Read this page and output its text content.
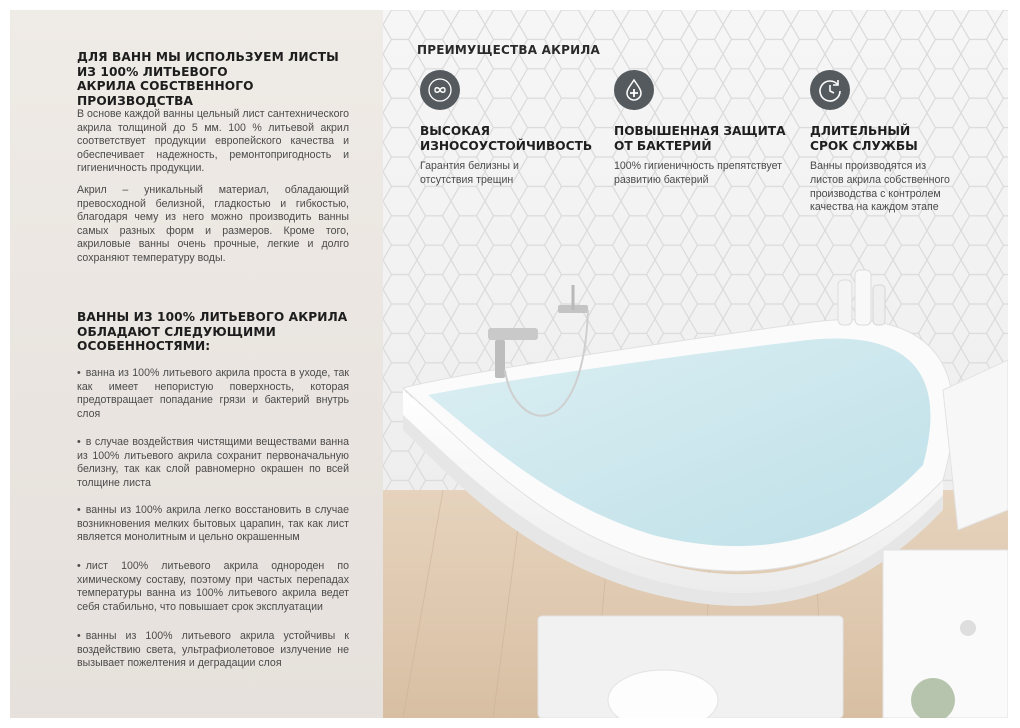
ДЛЯ ВАНН МЫ ИСПОЛЬЗУЕМ ЛИСТЫ
ИЗ 100% ЛИТЬЕВОГО
АКРИЛА СОБСТВЕННОГО ПРОИЗВОДСТВА
В основе каждой ванны цельный лист сантехнического акрила толщиной до 5 мм. 100 % литьевой акрил соответствует продукции европейского качества и обеспечивает надежность, ремонтопригодность и гигиеничность продукции.
Акрил – уникальный материал, обладающий превосходной белизной, гладкостью и гибкостью, благодаря чему из него можно производить ванны самых разных форм и размеров. Кроме того, акриловые ванны очень прочные, легкие и долго сохраняют температуру воды.
ВАННЫ ИЗ 100% ЛИТЬЕВОГО АКРИЛА
ОБЛАДАЮТ СЛЕДУЮЩИМИ
ОСОБЕННОСТЯМИ:
• ванна из 100% литьевого акрила проста в уходе, так как имеет непористую поверхность, которая предотвращает попадание грязи и бактерий внутрь слоя
• в случае воздействия чистящими веществами ванна из 100% литьевого акрила сохранит первоначальную белизну, так как слой равномерно окрашен по всей толщине листа
• ванны из 100% акрила легко восстановить в случае возникновения мелких бытовых царапин, так как лист является монолитным и цельно окрашенным
• лист 100% литьевого акрила однороден по химическому составу, поэтому при частых перепадах температуры ванна из 100% литьевого акрила ведет себя стабильно, что повышает срок эксплуатации
• ванны из 100% литьевого акрила устойчивы к воздействию света, ультрафиолетовое излучение не вызывает пожелтения и деградации слоя
ПРЕИМУЩЕСТВА АКРИЛА
ВЫСОКАЯ
ИЗНОСОУСТОЙЧИВОСТЬ
Гарантия белизны и
отсутствия трещин
ПОВЫШЕННАЯ ЗАЩИТА
ОТ БАКТЕРИЙ
100% гигиеничность препятствует
развитию бактерий
ДЛИТЕЛЬНЫЙ
СРОК СЛУЖБЫ
Ванны производятся из
листов акрила собственного
производства с контролем
качества на каждом этапе
